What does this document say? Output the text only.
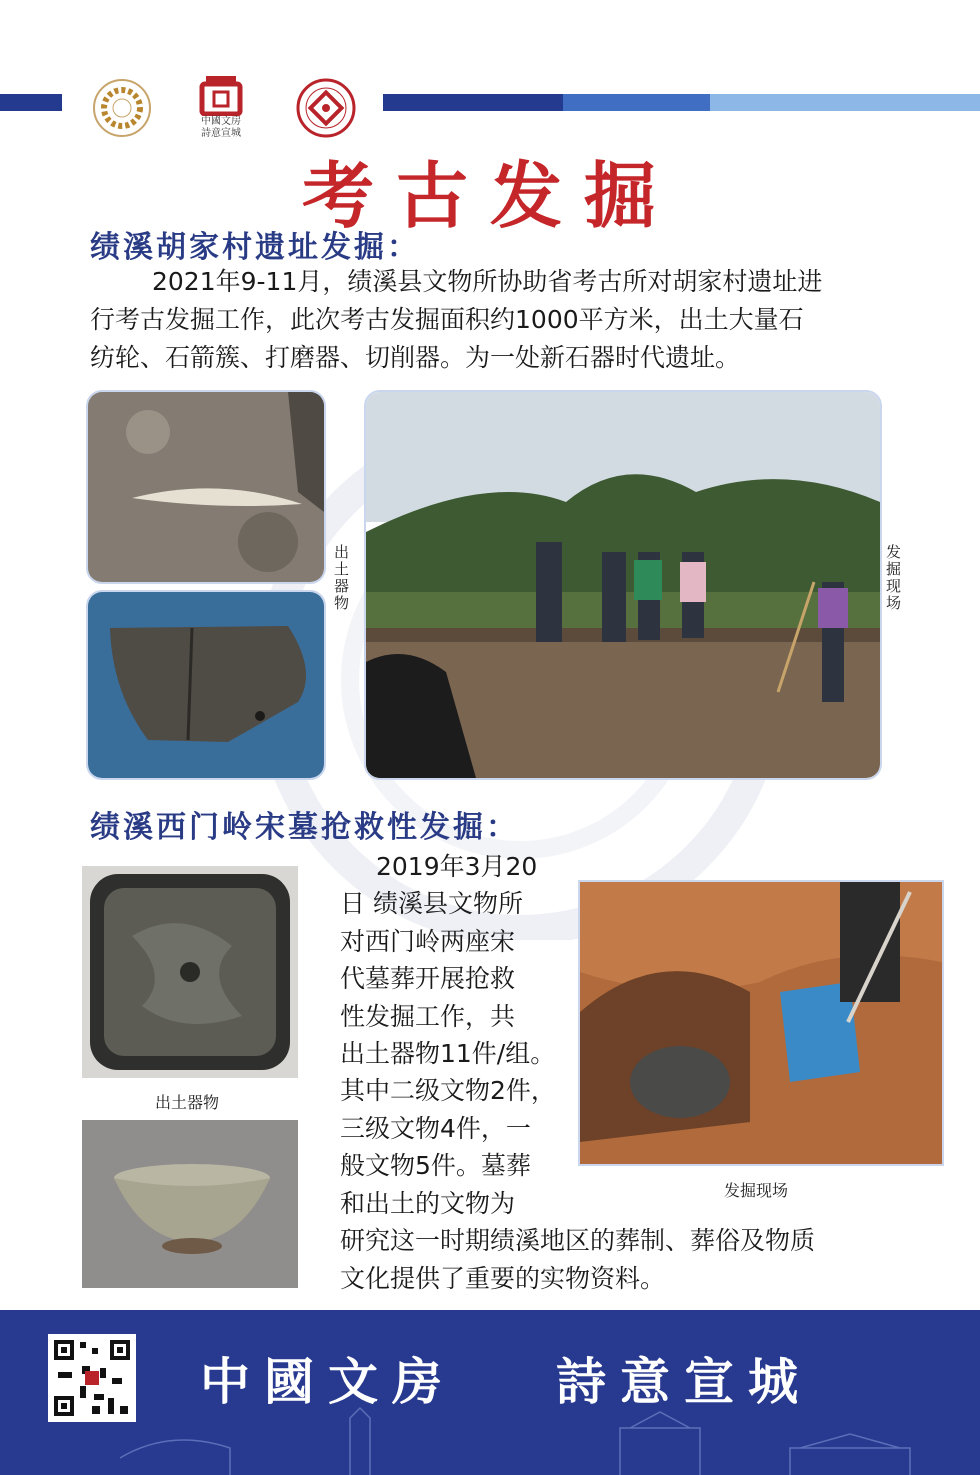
中國文房
詩意宣城
考古发掘
绩溪胡家村遗址发掘：
2021年9-11月，绩溪县文物所协助省考古所对胡家村遗址进
行考古发掘工作，此次考古发掘面积约1000平方米，出土大量石
纺轮、石箭簇、打磨器、切削器。为一处新石器时代遗址。
出土器物
发掘现场
绩溪西门岭宋墓抢救性发掘：
出土器物
2019年3月20
日 绩溪县文物所
对西门岭两座宋
代墓葬开展抢救
性发掘工作，共
出土器物11件/组。
其中二级文物2件，
三级文物4件，一
般文物5件。墓葬
和出土的文物为
研究这一时期绩溪地区的葬制、葬俗及物质
文化提供了重要的实物资料。
发掘现场
中國文房 詩意宣城
